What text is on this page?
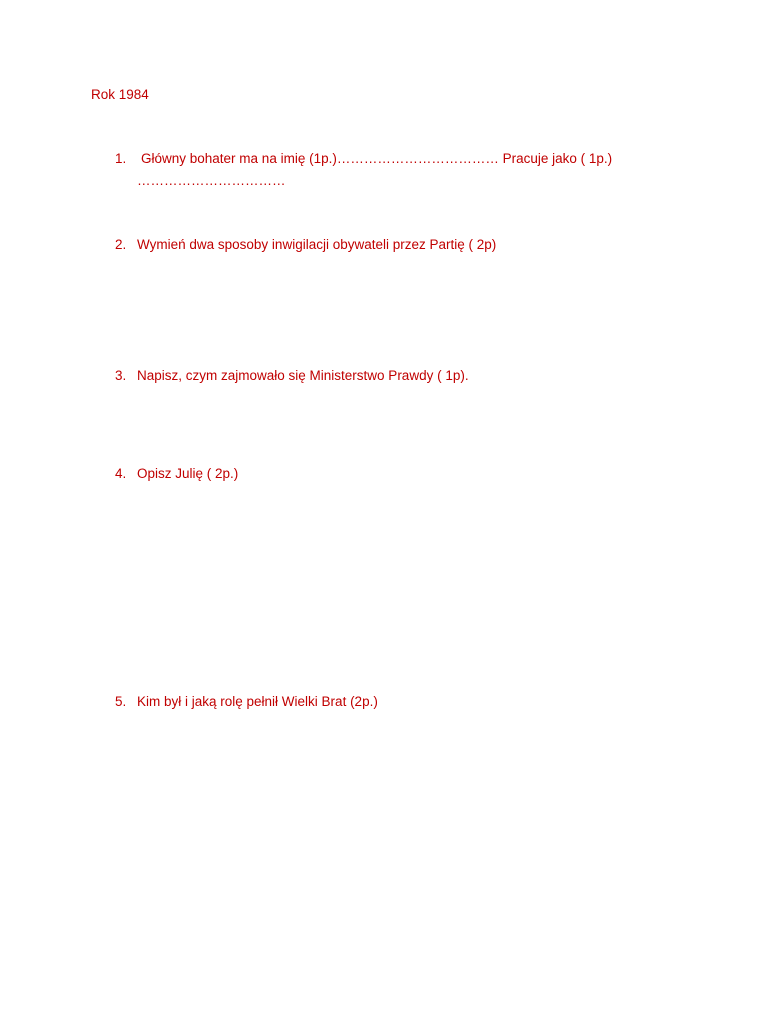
Rok 1984
1. Główny bohater ma na imię (1p.)……………………………… Pracuje jako ( 1p.)
……………………………
2. Wymień dwa sposoby inwigilacji obywateli przez Partię ( 2p)
3. Napisz, czym zajmowało się Ministerstwo Prawdy ( 1p).
4. Opisz Julię ( 2p.)
5. Kim był i jaką rolę pełnił Wielki Brat (2p.)
